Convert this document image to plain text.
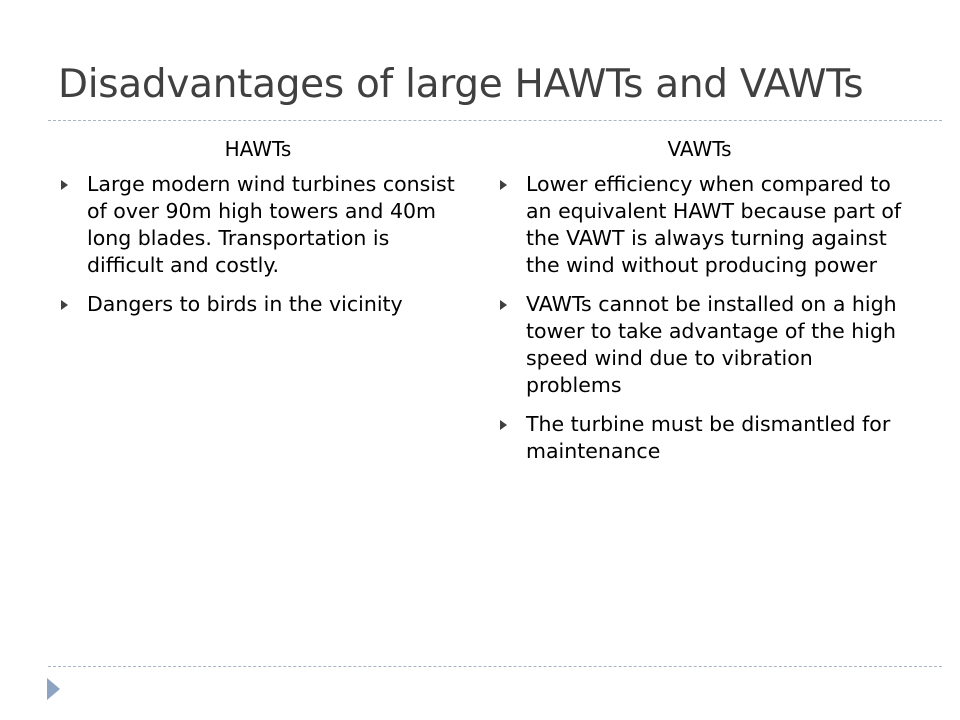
Disadvantages of large HAWTs and VAWTs
HAWTs
Large modern wind turbines consist of over 90m high towers and 40m long blades. Transportation is difficult and costly.
Dangers to birds in the vicinity
VAWTs
Lower efficiency when compared to an equivalent HAWT because part of the VAWT is always turning against the wind without producing power
VAWTs cannot be installed on a high tower to take advantage of the high speed wind due to vibration problems
The turbine must be dismantled for maintenance
